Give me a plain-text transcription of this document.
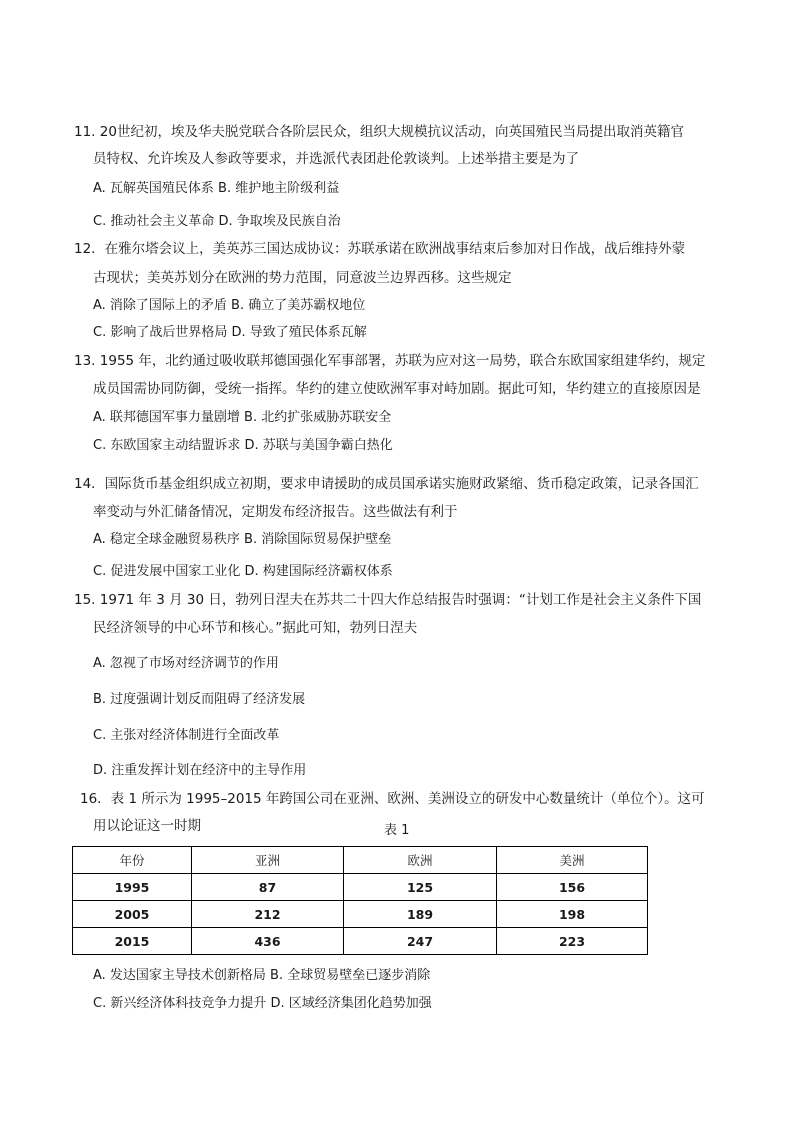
11. 20世纪初，埃及华夫脱党联合各阶层民众，组织大规模抗议活动，向英国殖民当局提出取消英籍官
员特权、允许埃及人参政等要求，并选派代表团赴伦敦谈判。上述举措主要是为了
A. 瓦解英国殖民体系 B. 维护地主阶级利益
C. 推动社会主义革命 D. 争取埃及民族自治
12．在雅尔塔会议上，美英苏三国达成协议：苏联承诺在欧洲战事结束后参加对日作战，战后维持外蒙
古现状；美英苏划分在欧洲的势力范围，同意波兰边界西移。这些规定
A. 消除了国际上的矛盾 B. 确立了美苏霸权地位
C. 影响了战后世界格局 D. 导致了殖民体系瓦解
13. 1955 年，北约通过吸收联邦德国强化军事部署，苏联为应对这一局势，联合东欧国家组建华约，规定
成员国需协同防御，受统一指挥。华约的建立使欧洲军事对峙加剧。据此可知，华约建立的直接原因是
A. 联邦德国军事力量剧增 B. 北约扩张威胁苏联安全
C. 东欧国家主动结盟诉求 D. 苏联与美国争霸白热化
14．国际货币基金组织成立初期，要求申请援助的成员国承诺实施财政紧缩、货币稳定政策，记录各国汇
率变动与外汇储备情况，定期发布经济报告。这些做法有利于
A. 稳定全球金融贸易秩序 B. 消除国际贸易保护壁垒
C. 促进发展中国家工业化 D. 构建国际经济霸权体系
15. 1971 年 3 月 30 日，勃列日涅夫在苏共二十四大作总结报告时强调：“计划工作是社会主义条件下国
民经济领导的中心环节和核心。”据此可知，勃列日涅夫
A. 忽视了市场对经济调节的作用
B. 过度强调计划反而阻碍了经济发展
C. 主张对经济体制进行全面改革
D. 注重发挥计划在经济中的主导作用
16．表 1 所示为 1995–2015 年跨国公司在亚洲、欧洲、美洲设立的研发中心数量统计（单位个）。这可
用以论证这一时期	表 1
年份	亚洲	欧洲	美洲
1995	87	125	156
2005	212	189	198
2015	436	247	223
A. 发达国家主导技术创新格局 B. 全球贸易壁垒已逐步消除
C. 新兴经济体科技竞争力提升 D. 区域经济集团化趋势加强
